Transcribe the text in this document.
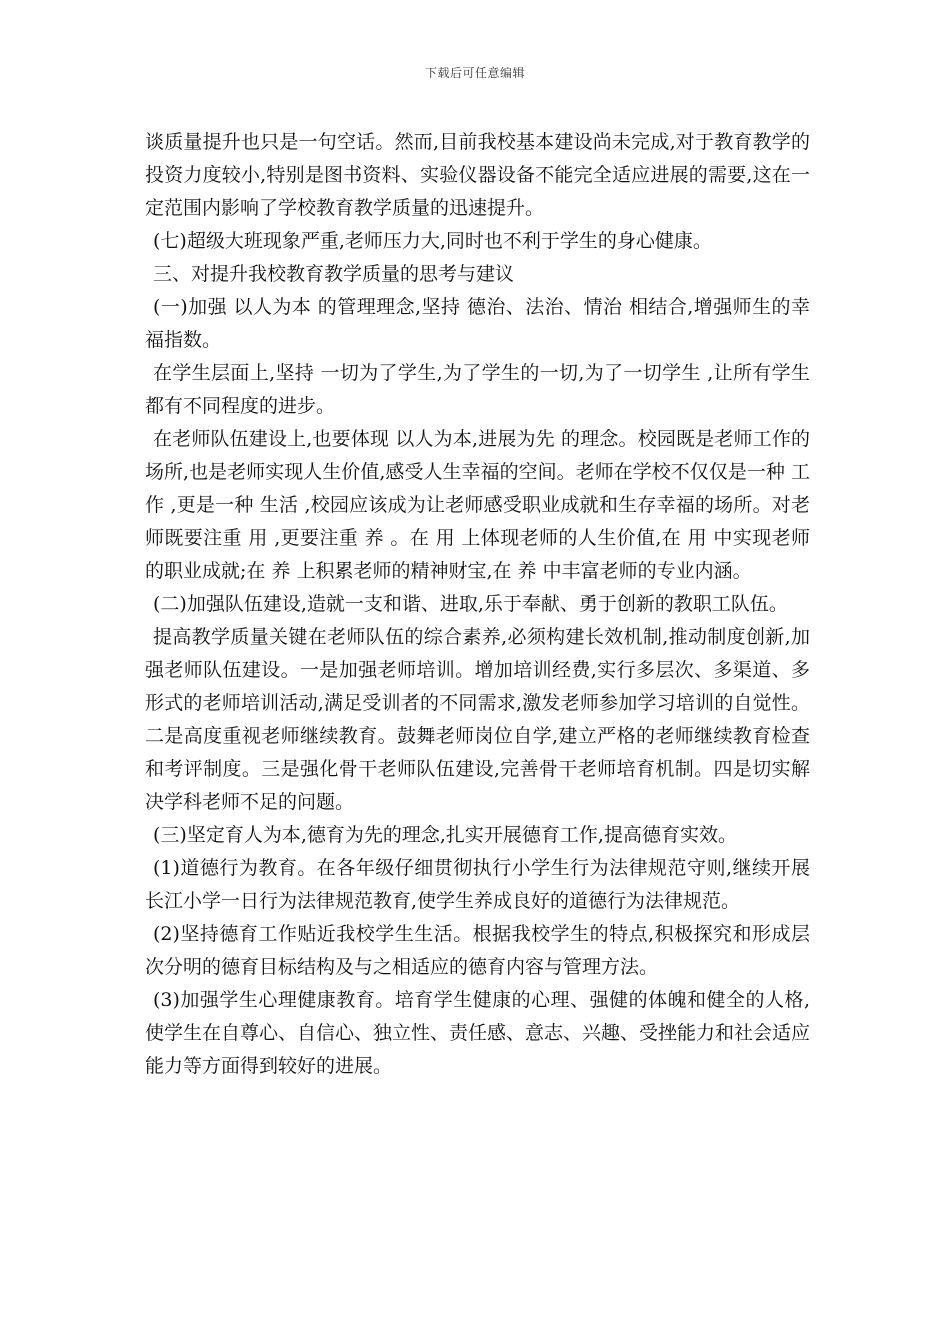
下载后可任意编辑

谈质量提升也只是一句空话。然而,目前我校基本建设尚未完成,对于教育教学的投资力度较小,特别是图书资料、实验仪器设备不能完全适应进展的需要,这在一定范围内影响了学校教育教学质量的迅速提升。

(七)超级大班现象严重,老师压力大,同时也不利于学生的身心健康。

三、对提升我校教育教学质量的思考与建议

(一)加强 以人为本 的管理理念,坚持 德治、法治、情治 相结合,增强师生的幸福指数。

在学生层面上,坚持 一切为了学生,为了学生的一切,为了一切学生 ,让所有学生都有不同程度的进步。

在老师队伍建设上,也要体现 以人为本,进展为先 的理念。校园既是老师工作的场所,也是老师实现人生价值,感受人生幸福的空间。老师在学校不仅仅是一种 工作 ,更是一种 生活 ,校园应该成为让老师感受职业成就和生存幸福的场所。对老师既要注重 用 ,更要注重 养 。在 用 上体现老师的人生价值,在 用 中实现老师的职业成就;在 养 上积累老师的精神财宝,在 养 中丰富老师的专业内涵。

(二)加强队伍建设,造就一支和谐、进取,乐于奉献、勇于创新的教职工队伍。

提高教学质量关键在老师队伍的综合素养,必须构建长效机制,推动制度创新,加强老师队伍建设。一是加强老师培训。增加培训经费,实行多层次、多渠道、多形式的老师培训活动,满足受训者的不同需求,激发老师参加学习培训的自觉性。二是高度重视老师继续教育。鼓舞老师岗位自学,建立严格的老师继续教育检查和考评制度。三是强化骨干老师队伍建设,完善骨干老师培育机制。四是切实解决学科老师不足的问题。

(三)坚定育人为本,德育为先的理念,扎实开展德育工作,提高德育实效。

(1)道德行为教育。在各年级仔细贯彻执行小学生行为法律规范守则,继续开展长江小学一日行为法律规范教育,使学生养成良好的道德行为法律规范。

(2)坚持德育工作贴近我校学生生活。根据我校学生的特点,积极探究和形成层次分明的德育目标结构及与之相适应的德育内容与管理方法。

(3)加强学生心理健康教育。培育学生健康的心理、强健的体魄和健全的人格,使学生在自尊心、自信心、独立性、责任感、意志、兴趣、受挫能力和社会适应能力等方面得到较好的进展。
